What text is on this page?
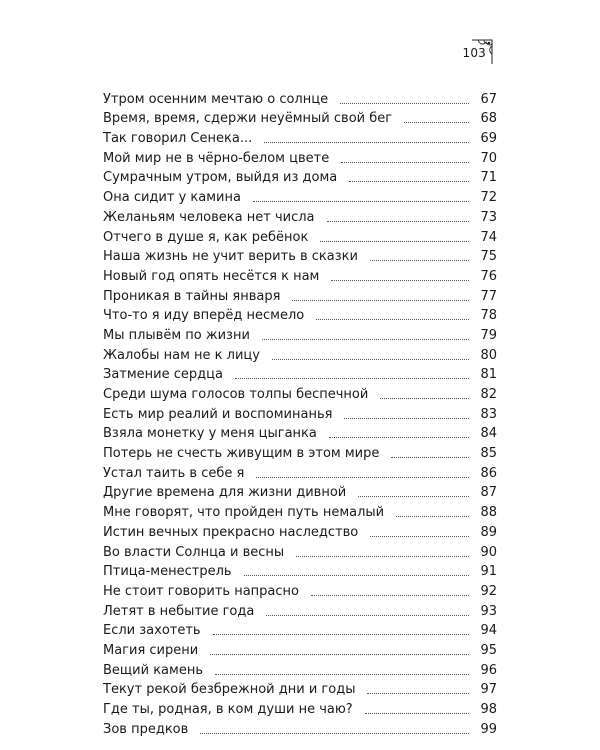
103
Утром осенним мечтаю о солнце	67
Время, время, сдержи неуёмный свой бег	68
Так говорил Сенека...	69
Мой мир не в чёрно-белом цвете	70
Сумрачным утром, выйдя из дома	71
Она сидит у камина	72
Желаньям человека нет числа	73
Отчего в душе я, как ребёнок	74
Наша жизнь не учит верить в сказки	75
Новый год опять несётся к нам	76
Проникая в тайны января	77
Что-то я иду вперёд несмело	78
Мы плывём по жизни	79
Жалобы нам не к лицу	80
Затмение сердца	81
Среди шума голосов толпы беспечной	82
Есть мир реалий и воспоминанья	83
Взяла монетку у меня цыганка	84
Потерь не счесть живущим в этом мире	85
Устал таить в себе я	86
Другие времена для жизни дивной	87
Мне говорят, что пройден путь немалый	88
Истин вечных прекрасно наследство	89
Во власти Солнца и весны	90
Птица-менестрель	91
Не стоит говорить напрасно	92
Летят в небытие года	93
Если захотеть	94
Магия сирени	95
Вещий камень	96
Текут рекой безбрежной дни и годы	97
Где ты, родная, в ком души не чаю?	98
Зов предков	99
